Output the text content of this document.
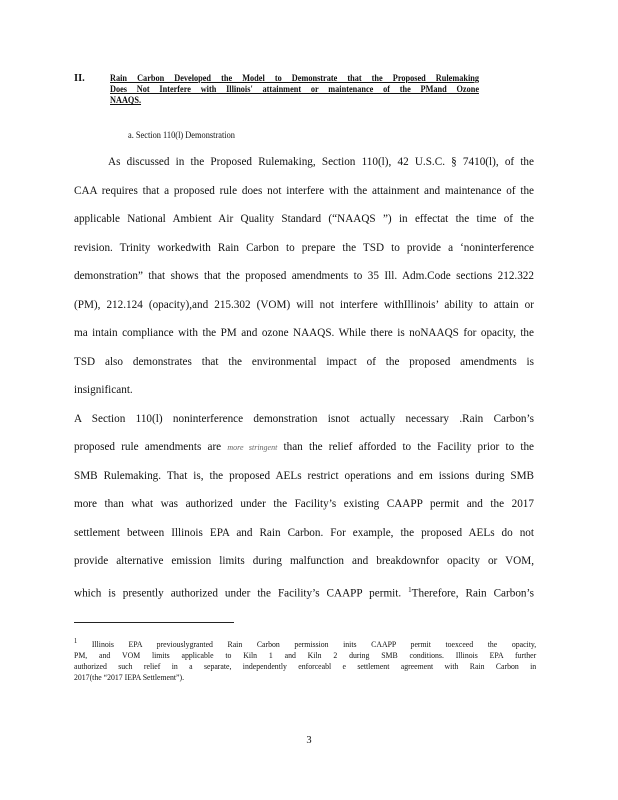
II.	Rain Carbon Developed the Model to Demonstrate that the Proposed Rulemaking
Does Not Interfere with Illinois' attainment or maintenance of the PMand Ozone
NAAQS.
a. Section 110(l) Demonstration
As discussed in the Proposed Rulemaking, Section 110(l), 42 U.S.C. § 7410(l), of the
CAA requires that a proposed rule does not interfere with the attainment and maintenance of the
applicable National Ambient Air Quality Standard (“NAAQS ”) in effectat the time of the
revision. Trinity workedwith Rain Carbon to prepare the TSD to provide a ‘noninterference
demonstration” that shows that the proposed amendments to 35 Ill. Adm.Code sections 212.322
(PM), 212.124 (opacity),and 215.302 (VOM) will not interfere withIllinois’ ability to attain or
ma intain compliance with the PM and ozone NAAQS. While there is noNAAQS for opacity, the
TSD also demonstrates that the environmental impact of the proposed amendments is
insignificant.
A Section 110(l) noninterference demonstration isnot actually necessary .Rain Carbon’s
proposed rule amendments are more stringent than the relief afforded to the Facility prior to the
SMB Rulemaking. That is, the proposed AELs restrict operations and em issions during SMB
more than what was authorized under the Facility’s existing CAAPP permit and the 2017
settlement between Illinois EPA and Rain Carbon. For example, the proposed AELs do not
provide alternative emission limits during malfunction and breakdownfor opacity or VOM,
which is presently authorized under the Facility’s CAAPP permit. $^1$Therefore, Rain Carbon’s
$^1$ Illinois EPA previouslygranted Rain Carbon permission inits CAAPP permit toexceed the opacity,
PM, and VOM limits applicable to Kiln 1 and Kiln 2 during SMB conditions. Illinois EPA further
authorized such relief in a separate, independently enforceabl e settlement agreement with Rain Carbon in
2017(the “2017 IEPA Settlement”).
3
